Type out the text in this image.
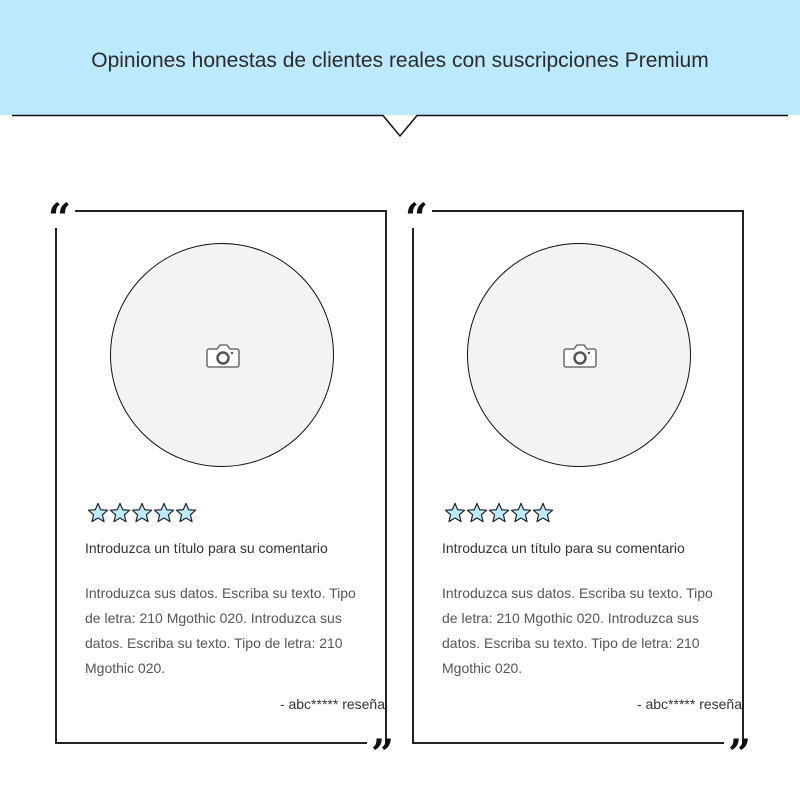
Opiniones honestas de clientes reales con suscripciones Premium
“
”
Introduzca un título para su comentario
Introduzca sus datos. Escriba su texto. Tipo de letra: 210 Mgothic 020. Introduzca sus datos. Escriba su texto. Tipo de letra: 210 Mgothic 020.
- abc***** reseña
“
”
Introduzca un título para su comentario
Introduzca sus datos. Escriba su texto. Tipo de letra: 210 Mgothic 020. Introduzca sus datos. Escriba su texto. Tipo de letra: 210 Mgothic 020.
- abc***** reseña
